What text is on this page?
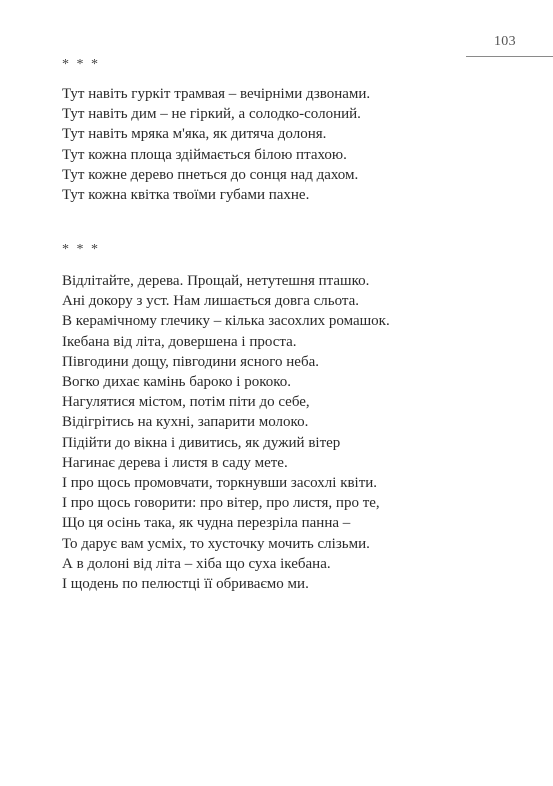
103
* * *

Тут навіть гуркіт трамвая – вечірніми дзвонами.

Тут навіть дим – не гіркий, а солодко-солоний.

Тут навіть мряка м'яка, як дитяча долоня.

Тут кожна площа здіймається білою птахою.

Тут кожне дерево пнеться до сонця над дахом.

Тут кожна квітка твоїми губами пахне.

* * *

Відлітайте, дерева. Прощай, нетутешня пташко.

Ані докору з уст. Нам лишається довга сльота.

В керамічному глечику – кілька засохлих ромашок.

Ікебана від літа, довершена і проста.

Півгодини дощу, півгодини ясного неба.

Вогко дихає камінь бароко і рококо.

Нагулятися містом, потім піти до себе,

Відігрітись на кухні, запарити молоко.

Підійти до вікна і дивитись, як дужий вітер

Нагинає дерева і листя в саду мете.

І про щось промовчати, торкнувши засохлі квіти.

І про щось говорити: про вітер, про листя, про те,

Що ця осінь така, як чудна перезріла панна –

То дарує вам усміх, то хусточку мочить слізьми.

А в долоні від літа – хіба що суха ікебана.

І щодень по пелюстці її обриваємо ми.
